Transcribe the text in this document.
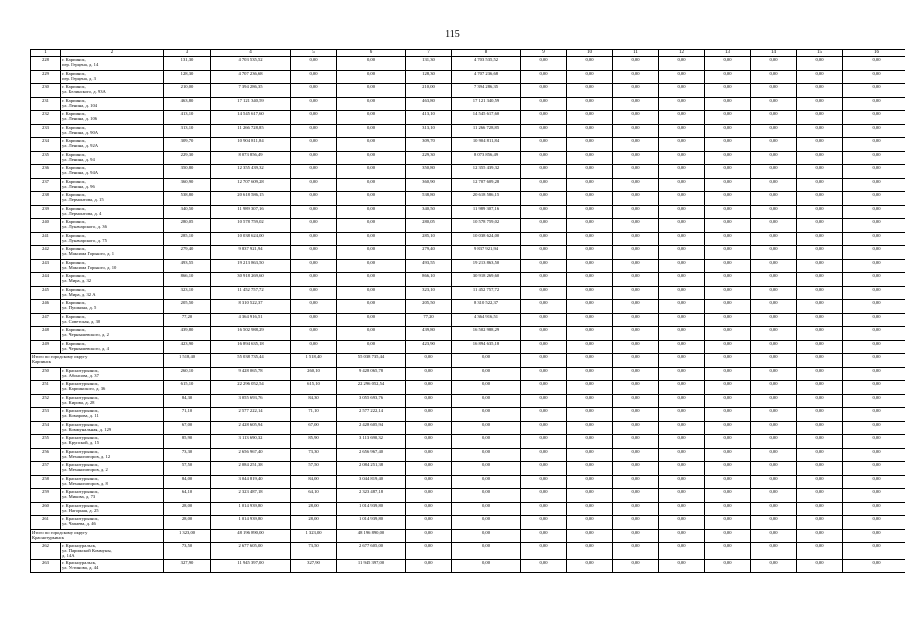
115
1	2	3	4	5	6	7	8	9	10	11	12	13	14	15	16
228	г. Карпинск,
пер. Герцена, д. 14	131,30	4 703 535,52	0,00	0,00	131,30	4 703 535,52	0,00	0,00	0,00	0,00	0,00	0,00	0,00	0,00
229	г. Карпинск,
пер. Герцена, д. 3	128,30	4 707 236,68	0,00	0,00	128,30	4 707 236,68	0,00	0,00	0,00	0,00	0,00	0,00	0,00	0,00
230	г. Карпинск,
ул. Белинского, д. 93А	210,00	7 394 286,35	0,00	0,00	210,00	7 394 286,35	0,00	0,00	0,00	0,00	0,00	0,00	0,00	0,00
231	г. Карпинск,
ул. Ленина, д. 104	463,80	17 121 340,59	0,00	0,00	463,80	17 121 340,59	0,00	0,00	0,00	0,00	0,00	0,00	0,00	0,00
232	г. Карпинск,
ул. Ленина, д. 106	413,10	14 545 617,60	0,00	0,00	413,10	14 545 617,60	0,00	0,00	0,00	0,00	0,00	0,00	0,00	0,00
233	г. Карпинск,
ул. Ленина, д. 90А	313,10	11 266 728,85	0,00	0,00	313,10	11 266 728,85	0,00	0,00	0,00	0,00	0,00	0,00	0,00	0,00
234	г. Карпинск,
ул. Ленина, д. 92А	309,70	10 904 811,84	0,00	0,00	309,70	10 904 811,84	0,00	0,00	0,00	0,00	0,00	0,00	0,00	0,00
235	г. Карпинск,
ул. Ленина, д. 94	229,30	8 073 856,49	0,00	0,00	229,30	8 073 856,49	0,00	0,00	0,00	0,00	0,00	0,00	0,00	0,00
236	г. Карпинск,
ул. Ленина, д. 94А	350,80	12 355 439,32	0,00	0,00	350,80	12 355 439,32	0,00	0,00	0,00	0,00	0,00	0,00	0,00	0,00
237	г. Карпинск,
ул. Ленина, д. 96	360,90	12 707 609,28	0,00	0,00	360,90	12 707 609,28	0,00	0,00	0,00	0,00	0,00	0,00	0,00	0,00
238	г. Карпинск,
ул. Лермонтова, д. 15	538,80	20 618 586,15	0,00	0,00	538,80	20 618 586,15	0,00	0,00	0,00	0,00	0,00	0,00	0,00	0,00
239	г. Карпинск,
ул. Лермонтова, д. 4	340,50	11 989 307,16	0,00	0,00	340,50	11 989 307,16	0,00	0,00	0,00	0,00	0,00	0,00	0,00	0,00
240	г. Карпинск,
ул. Луначарского, д. 36	280,05	10 578 759,02	0,00	0,00	280,05	10 578 759,02	0,00	0,00	0,00	0,00	0,00	0,00	0,00	0,00
241	г. Карпинск,
ул. Луначарского, д. 75	285,10	10 038 624,00	0,00	0,00	285,10	10 038 624,00	0,00	0,00	0,00	0,00	0,00	0,00	0,00	0,00
242	г. Карпинск,
ул. Максима Горького, д. 1	279,40	9 837 921,94	0,00	0,00	279,40	9 837 921,94	0,00	0,00	0,00	0,00	0,00	0,00	0,00	0,00
243	г. Карпинск,
ул. Максима Горького, д. 10	493,55	19 213 863,50	0,00	0,00	493,55	19 213 863,50	0,00	0,00	0,00	0,00	0,00	0,00	0,00	0,00
244	г. Карпинск,
ул. Мира, д. 32	866,10	30 918 269,60	0,00	0,00	866,10	30 918 269,60	0,00	0,00	0,00	0,00	0,00	0,00	0,00	0,00
245	г. Карпинск,
ул. Мира, д. 32 А	323,10	11 452 757,72	0,00	0,00	323,10	11 452 757,72	0,00	0,00	0,00	0,00	0,00	0,00	0,00	0,00
246	г. Карпинск,
ул. Пушкина, д. 5	205,50	8 310 522,37	0,00	0,00	205,50	8 310 522,37	0,00	0,00	0,00	0,00	0,00	0,00	0,00	0,00
247	г. Карпинск,
ул. Советская, д. 30	77,20	4 364 916,51	0,00	0,00	77,20	4 364 916,51	0,00	0,00	0,00	0,00	0,00	0,00	0,00	0,00
248	г. Карпинск,
ул. Чернышевского, д. 2	439,80	16 502 988,29	0,00	0,00	439,80	16 502 988,29	0,00	0,00	0,00	0,00	0,00	0,00	0,00	0,00
249	г. Карпинск,
ул. Чернышевского, д. 4	423,90	16 894 635,18	0,00	0,00	423,90	16 894 635,18	0,00	0,00	0,00	0,00	0,00	0,00	0,00	0,00

Итого по городскому округу
Карпинск		1 518,40	55 038 735,44	1 518,40	55 038 735,44	0,00	0,00	0,00	0,00	0,00	0,00	0,00	0,00	0,00	0,00
250	г. Краснотурьинск,
ул. Абонсова, д. 37	260,10	9 428 065,78	260,10	9 428 065,78	0,00	0,00	0,00	0,00	0,00	0,00	0,00	0,00	0,00	0,00
251	г. Краснотурьинск,
ул. Карпинского, д. 36	615,10	22 296 052,54	615,10	22 296 052,54	0,00	0,00	0,00	0,00	0,00	0,00	0,00	0,00	0,00	0,00
252	г. Краснотурьинск,
ул. Кирова, д. 28	84,30	3 055 693,76	84,30	3 055 693,76	0,00	0,00	0,00	0,00	0,00	0,00	0,00	0,00	0,00	0,00
253	г. Краснотурьинск,
ул. Комарова, д. 11	71,10	2 577 222,14	71,10	2 577 222,14	0,00	0,00	0,00	0,00	0,00	0,00	0,00	0,00	0,00	0,00
254	г. Краснотурьинск,
ул. Коммунальная, д. 129	67,00	2 428 605,94	67,00	2 428 605,94	0,00	0,00	0,00	0,00	0,00	0,00	0,00	0,00	0,00	0,00
255	г. Краснотурьинск,
ул. Крупской, д. 15	85,90	3 113 690,32	85,90	3 113 690,32	0,00	0,00	0,00	0,00	0,00	0,00	0,00	0,00	0,00	0,00
256	г. Краснотурьинск,
ул. Механизаторов, д. 12	73,30	2 656 967,40	73,30	2 656 967,40	0,00	0,00	0,00	0,00	0,00	0,00	0,00	0,00	0,00	0,00
257	г. Краснотурьинск,
ул. Механизаторов, д. 2	57,50	2 084 251,38	57,50	2 084 251,38	0,00	0,00	0,00	0,00	0,00	0,00	0,00	0,00	0,00	0,00
258	г. Краснотурьинск,
ул. Механизаторов, д. 8	84,00	3 044 819,40	84,00	3 044 819,40	0,00	0,00	0,00	0,00	0,00	0,00	0,00	0,00	0,00	0,00
259	г. Краснотурьинск,
ул. Микова, д. 73	64,10	2 323 487,18	64,10	2 323 487,18	0,00	0,00	0,00	0,00	0,00	0,00	0,00	0,00	0,00	0,00
260	г. Краснотурьинск,
ул. Нагорная, д. 25	28,00	1 014 939,80	28,00	1 014 939,80	0,00	0,00	0,00	0,00	0,00	0,00	0,00	0,00	0,00	0,00
261	г. Краснотурьинск,
ул. Чапаева, д. 46	28,00	1 014 939,80	28,00	1 014 939,80	0,00	0,00	0,00	0,00	0,00	0,00	0,00	0,00	0,00	0,00

Итого по городскому округу
Краснотурьинск		1 323,00	48 196 890,00	1 323,00	48 196 890,00	0,00	0,00	0,00	0,00	0,00	0,00	0,00	0,00	0,00	0,00
262	г. Красноуральск,
ул. Парижской Коммуны,
д. 14А	73,50	2 677 605,00	73,50	2 677 605,00	0,00	0,00	0,00	0,00	0,00	0,00	0,00	0,00	0,00	0,00
263	г. Красноуральск,
ул. Устинова, д. 44	327,90	11 945 397,00	327,90	11 945 397,00	0,00	0,00	0,00	0,00	0,00	0,00	0,00	0,00	0,00	0,00
